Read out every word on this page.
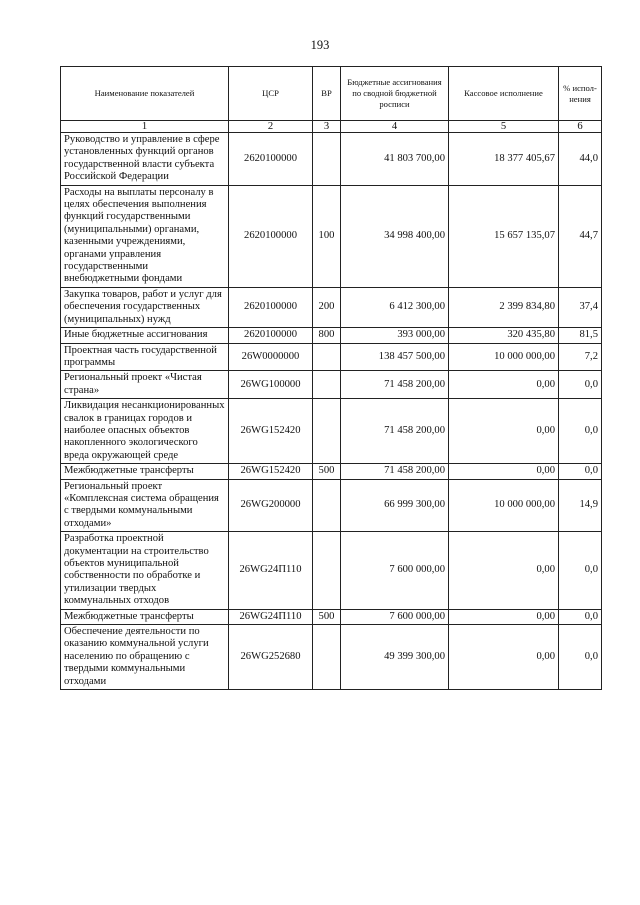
193
Наименование показателей	ЦСР	ВР	Бюджетные ассигнования по сводной бюджетной росписи	Кассовое исполнение	% испол-нения
1	2	3	4	5	6
Руководство и управление в сфере установленных функций органов государственной власти субъекта Российской Федерации	2620100000		41 803 700,00	18 377 405,67	44,0
Расходы на выплаты персоналу в целях обеспечения выполнения функций государственными (муниципальными) органами, казенными учреждениями, органами управления государственными внебюджетными фондами	2620100000	100	34 998 400,00	15 657 135,07	44,7
Закупка товаров, работ и услуг для обеспечения государственных (муниципальных) нужд	2620100000	200	6 412 300,00	2 399 834,80	37,4
Иные бюджетные ассигнования	2620100000	800	393 000,00	320 435,80	81,5
Проектная часть государственной программы	26W0000000		138 457 500,00	10 000 000,00	7,2
Региональный проект «Чистая страна»	26WG100000		71 458 200,00	0,00	0,0
Ликвидация несанкционированных свалок в границах городов и наиболее опасных объектов накопленного экологического вреда окружающей среде	26WG152420		71 458 200,00	0,00	0,0
Межбюджетные трансферты	26WG152420	500	71 458 200,00	0,00	0,0
Региональный проект «Комплексная система обращения с твердыми коммунальными отходами»	26WG200000		66 999 300,00	10 000 000,00	14,9
Разработка проектной документации на строительство объектов муниципальной собственности по обработке и утилизации твердых коммунальных отходов	26WG24П110		7 600 000,00	0,00	0,0
Межбюджетные трансферты	26WG24П110	500	7 600 000,00	0,00	0,0
Обеспечение деятельности по оказанию коммунальной услуги населению по обращению с твердыми коммунальными отходами	26WG252680		49 399 300,00	0,00	0,0
